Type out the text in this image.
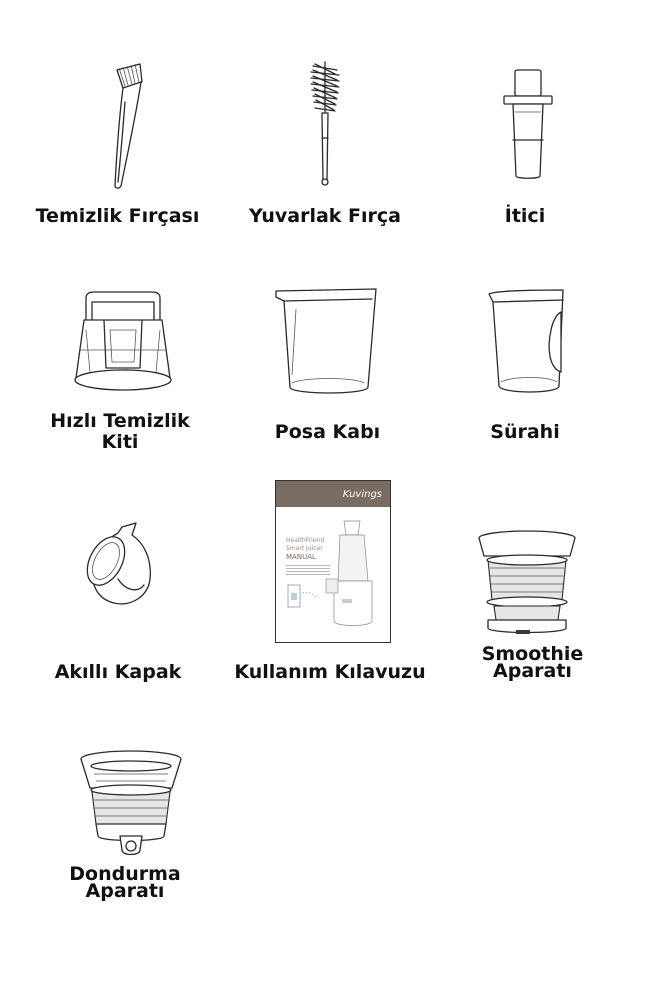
Temizlik Fırçası	Yuvarlak Fırça	İtici
Hızlı Temizlik Kiti	Posa Kabı	Sürahi
Akıllı Kapak
Kuvings
HealthFriend
Smart Juicer
MANUAL
Kullanım Kılavuzu
Smoothie Aparatı
Dondurma Aparatı
